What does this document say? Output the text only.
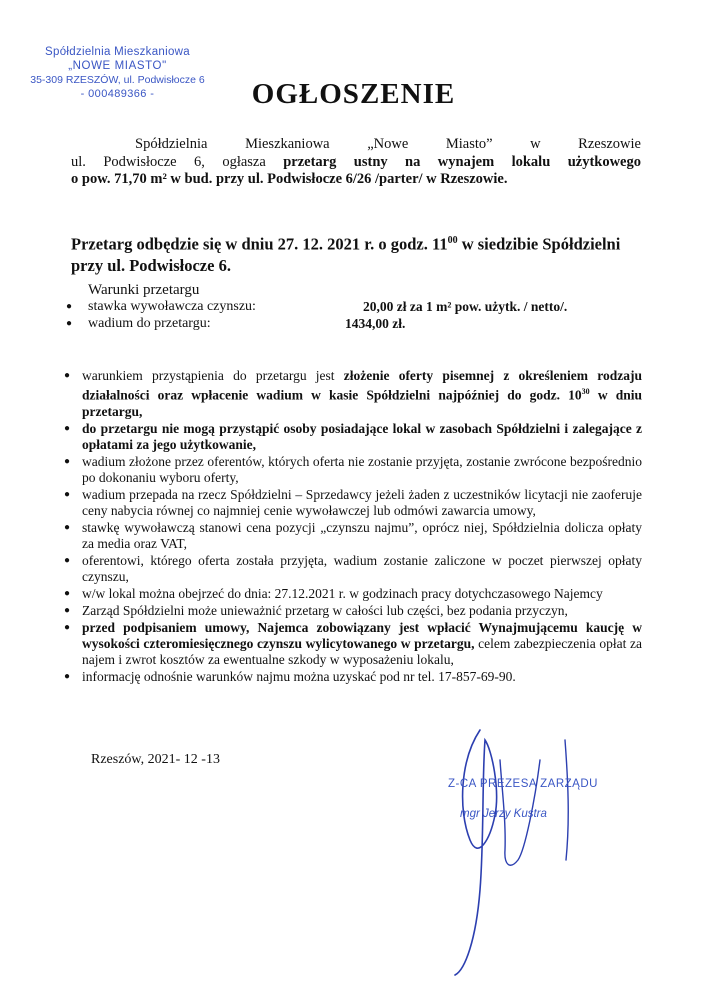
Spółdzielnia Mieszkaniowa
„NOWE MIASTO"
35-309 RZESZÓW, ul. Podwisłocze 6
- 000489366 -	OGŁOSZENIE
Spółdzielnia Mieszkaniowa „Nowe Miasto” w Rzeszowie
ul. Podwisłocze 6, ogłasza przetarg ustny na wynajem lokalu użytkowego
o pow. 71,70 m² w bud. przy ul. Podwisłocze 6/26 /parter/ w Rzeszowie.
Przetarg odbędzie się w dniu 27. 12. 2021 r. o godz. $11^{00}$ w siedzibie Spółdzielni przy ul. Podwisłocze 6.
Warunki przetargu
● stawka wywoławcza czynszu:	20,00 zł za 1 m² pow. użytk. / netto/.
● wadium do przetargu:	1434,00 zł.
● warunkiem przystąpienia do przetargu jest złożenie oferty pisemnej z określeniem rodzaju działalności oraz wpłacenie wadium w kasie Spółdzielni najpóźniej do godz. $10^{30}$ w dniu przetargu,
● do przetargu nie mogą przystąpić osoby posiadające lokal w zasobach Spółdzielni i zalegające z opłatami za jego użytkowanie,
● wadium złożone przez oferentów, których oferta nie zostanie przyjęta, zostanie zwrócone bezpośrednio po dokonaniu wyboru oferty,
● wadium przepada na rzecz Spółdzielni – Sprzedawcy jeżeli żaden z uczestników licytacji nie zaoferuje ceny nabycia równej co najmniej cenie wywoławczej lub odmówi zawarcia umowy,
● stawkę wywoławczą stanowi cena pozycji „czynszu najmu”, oprócz niej, Spółdzielnia dolicza opłaty za media oraz VAT,
● oferentowi, którego oferta została przyjęta, wadium zostanie zaliczone w poczet pierwszej opłaty czynszu,
● w/w lokal można obejrzeć do dnia: 27.12.2021 r. w godzinach pracy dotychczasowego Najemcy
● Zarząd Spółdzielni może unieważnić przetarg w całości lub części, bez podania przyczyn,
● przed podpisaniem umowy, Najemca zobowiązany jest wpłacić Wynajmującemu kaucję w wysokości czteromiesięcznego czynszu wylicytowanego w przetargu, celem zabezpieczenia opłat za najem i zwrot kosztów za ewentualne szkody w wyposażeniu lokalu,
● informację odnośnie warunków najmu można uzyskać pod nr tel. 17-857-69-90.
Rzeszów, 2021- 12 -13
Z-CA PREZESA ZARZĄDU
mgr Jerzy Kustra
